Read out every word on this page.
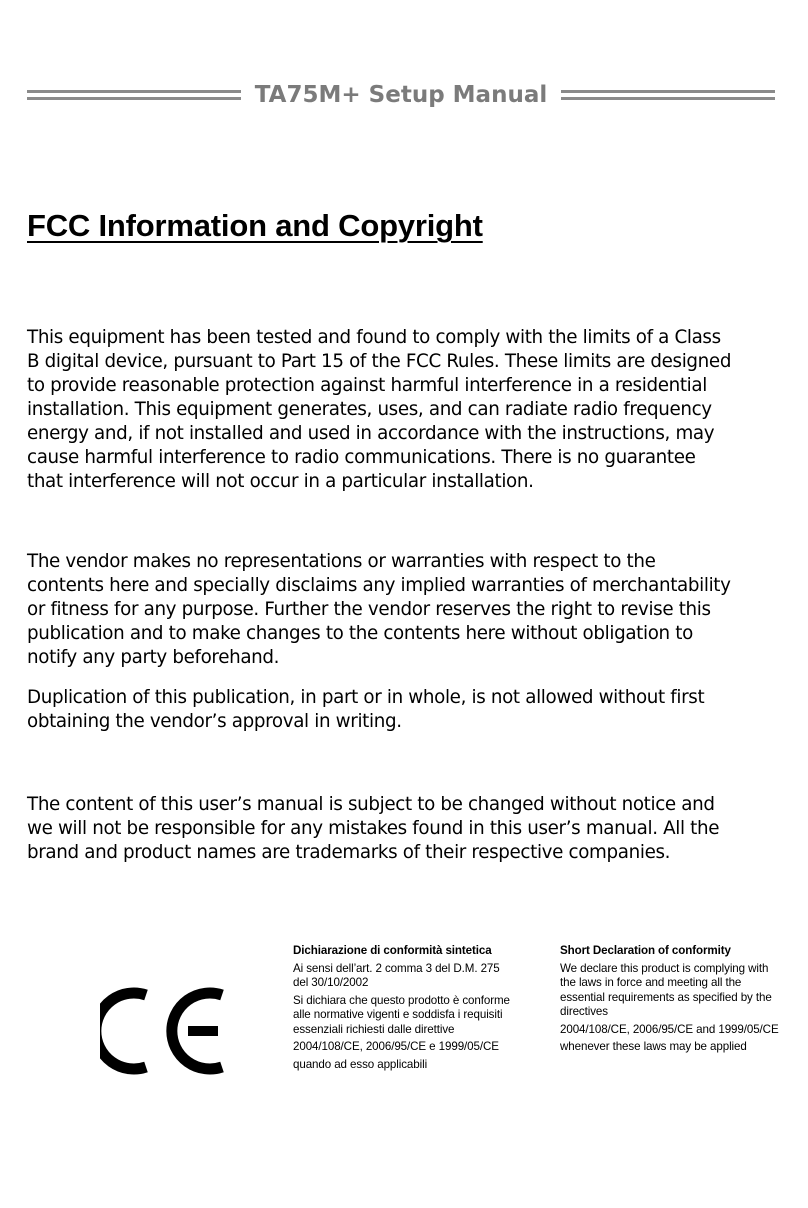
TA75M+ Setup Manual
FCC Information and Copyright

This equipment has been tested and found to comply with the limits of a Class
B digital device, pursuant to Part 15 of the FCC Rules. These limits are designed
to provide reasonable protection against harmful interference in a residential
installation. This equipment generates, uses, and can radiate radio frequency
energy and, if not installed and used in accordance with the instructions, may
cause harmful interference to radio communications. There is no guarantee
that interference will not occur in a particular installation.

The vendor makes no representations or warranties with respect to the
contents here and specially disclaims any implied warranties of merchantability
or fitness for any purpose. Further the vendor reserves the right to revise this
publication and to make changes to the contents here without obligation to
notify any party beforehand.

Duplication of this publication, in part or in whole, is not allowed without first
obtaining the vendor’s approval in writing.

The content of this user’s manual is subject to be changed without notice and
we will not be responsible for any mistakes found in this user’s manual. All the
brand and product names are trademarks of their respective companies.

Dichiarazione di conformità sintetica

Ai sensi dell’art. 2 comma 3 del D.M. 275 del 30/10/2002

Si dichiara che questo prodotto è conforme alle normative vigenti e soddisfa i requisiti essenziali richiesti dalle direttive

2004/108/CE, 2006/95/CE e 1999/05/CE

quando ad esso applicabili

Short Declaration of conformity

We declare this product is complying with the laws in force and meeting all the essential requirements as specified by the directives

2004/108/CE, 2006/95/CE and 1999/05/CE

whenever these laws may be applied
